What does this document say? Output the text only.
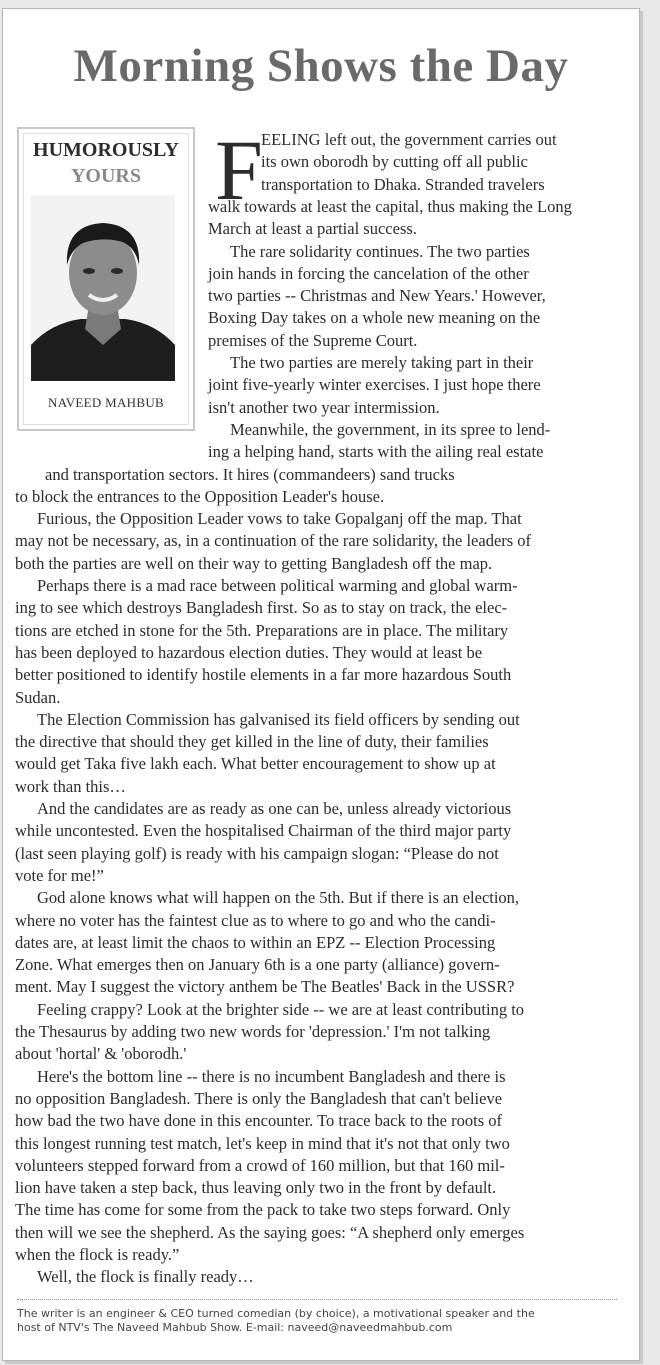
Morning Shows the Day
HUMOROUSLY
YOURS
NAVEED MAHBUB
F
EELING left out, the government carries out
its own oborodh by cutting off all public
transportation to Dhaka. Stranded travelers
walk towards at least the capital, thus making the Long
March at least a partial success.
The rare solidarity continues. The two parties
join hands in forcing the cancelation of the other
two parties -- Christmas and New Years.' However,
Boxing Day takes on a whole new meaning on the
premises of the Supreme Court.
The two parties are merely taking part in their
joint five-yearly winter exercises. I just hope there
isn't another two year intermission.
Meanwhile, the government, in its spree to lend-
ing a helping hand, starts with the ailing real estate
and transportation sectors. It hires (commandeers) sand trucks
to block the entrances to the Opposition Leader's house.
Furious, the Opposition Leader vows to take Gopalganj off the map. That
may not be necessary, as, in a continuation of the rare solidarity, the leaders of
both the parties are well on their way to getting Bangladesh off the map.
Perhaps there is a mad race between political warming and global warm-
ing to see which destroys Bangladesh first. So as to stay on track, the elec-
tions are etched in stone for the 5th. Preparations are in place. The military
has been deployed to hazardous election duties. They would at least be
better positioned to identify hostile elements in a far more hazardous South
Sudan.
The Election Commission has galvanised its field officers by sending out
the directive that should they get killed in the line of duty, their families
would get Taka five lakh each. What better encouragement to show up at
work than this…
And the candidates are as ready as one can be, unless already victorious
while uncontested. Even the hospitalised Chairman of the third major party
(last seen playing golf) is ready with his campaign slogan: “Please do not
vote for me!”
God alone knows what will happen on the 5th. But if there is an election,
where no voter has the faintest clue as to where to go and who the candi-
dates are, at least limit the chaos to within an EPZ -- Election Processing
Zone. What emerges then on January 6th is a one party (alliance) govern-
ment. May I suggest the victory anthem be The Beatles' Back in the USSR?
Feeling crappy? Look at the brighter side -- we are at least contributing to
the Thesaurus by adding two new words for 'depression.' I'm not talking
about 'hortal' & 'oborodh.'
Here's the bottom line -- there is no incumbent Bangladesh and there is
no opposition Bangladesh. There is only the Bangladesh that can't believe
how bad the two have done in this encounter. To trace back to the roots of
this longest running test match, let's keep in mind that it's not that only two
volunteers stepped forward from a crowd of 160 million, but that 160 mil-
lion have taken a step back, thus leaving only two in the front by default.
The time has come for some from the pack to take two steps forward. Only
then will we see the shepherd. As the saying goes: “A shepherd only emerges
when the flock is ready.”
Well, the flock is finally ready…
The writer is an engineer & CEO turned comedian (by choice), a motivational speaker and the
host of NTV's The Naveed Mahbub Show. E-mail: naveed@naveedmahbub.com
